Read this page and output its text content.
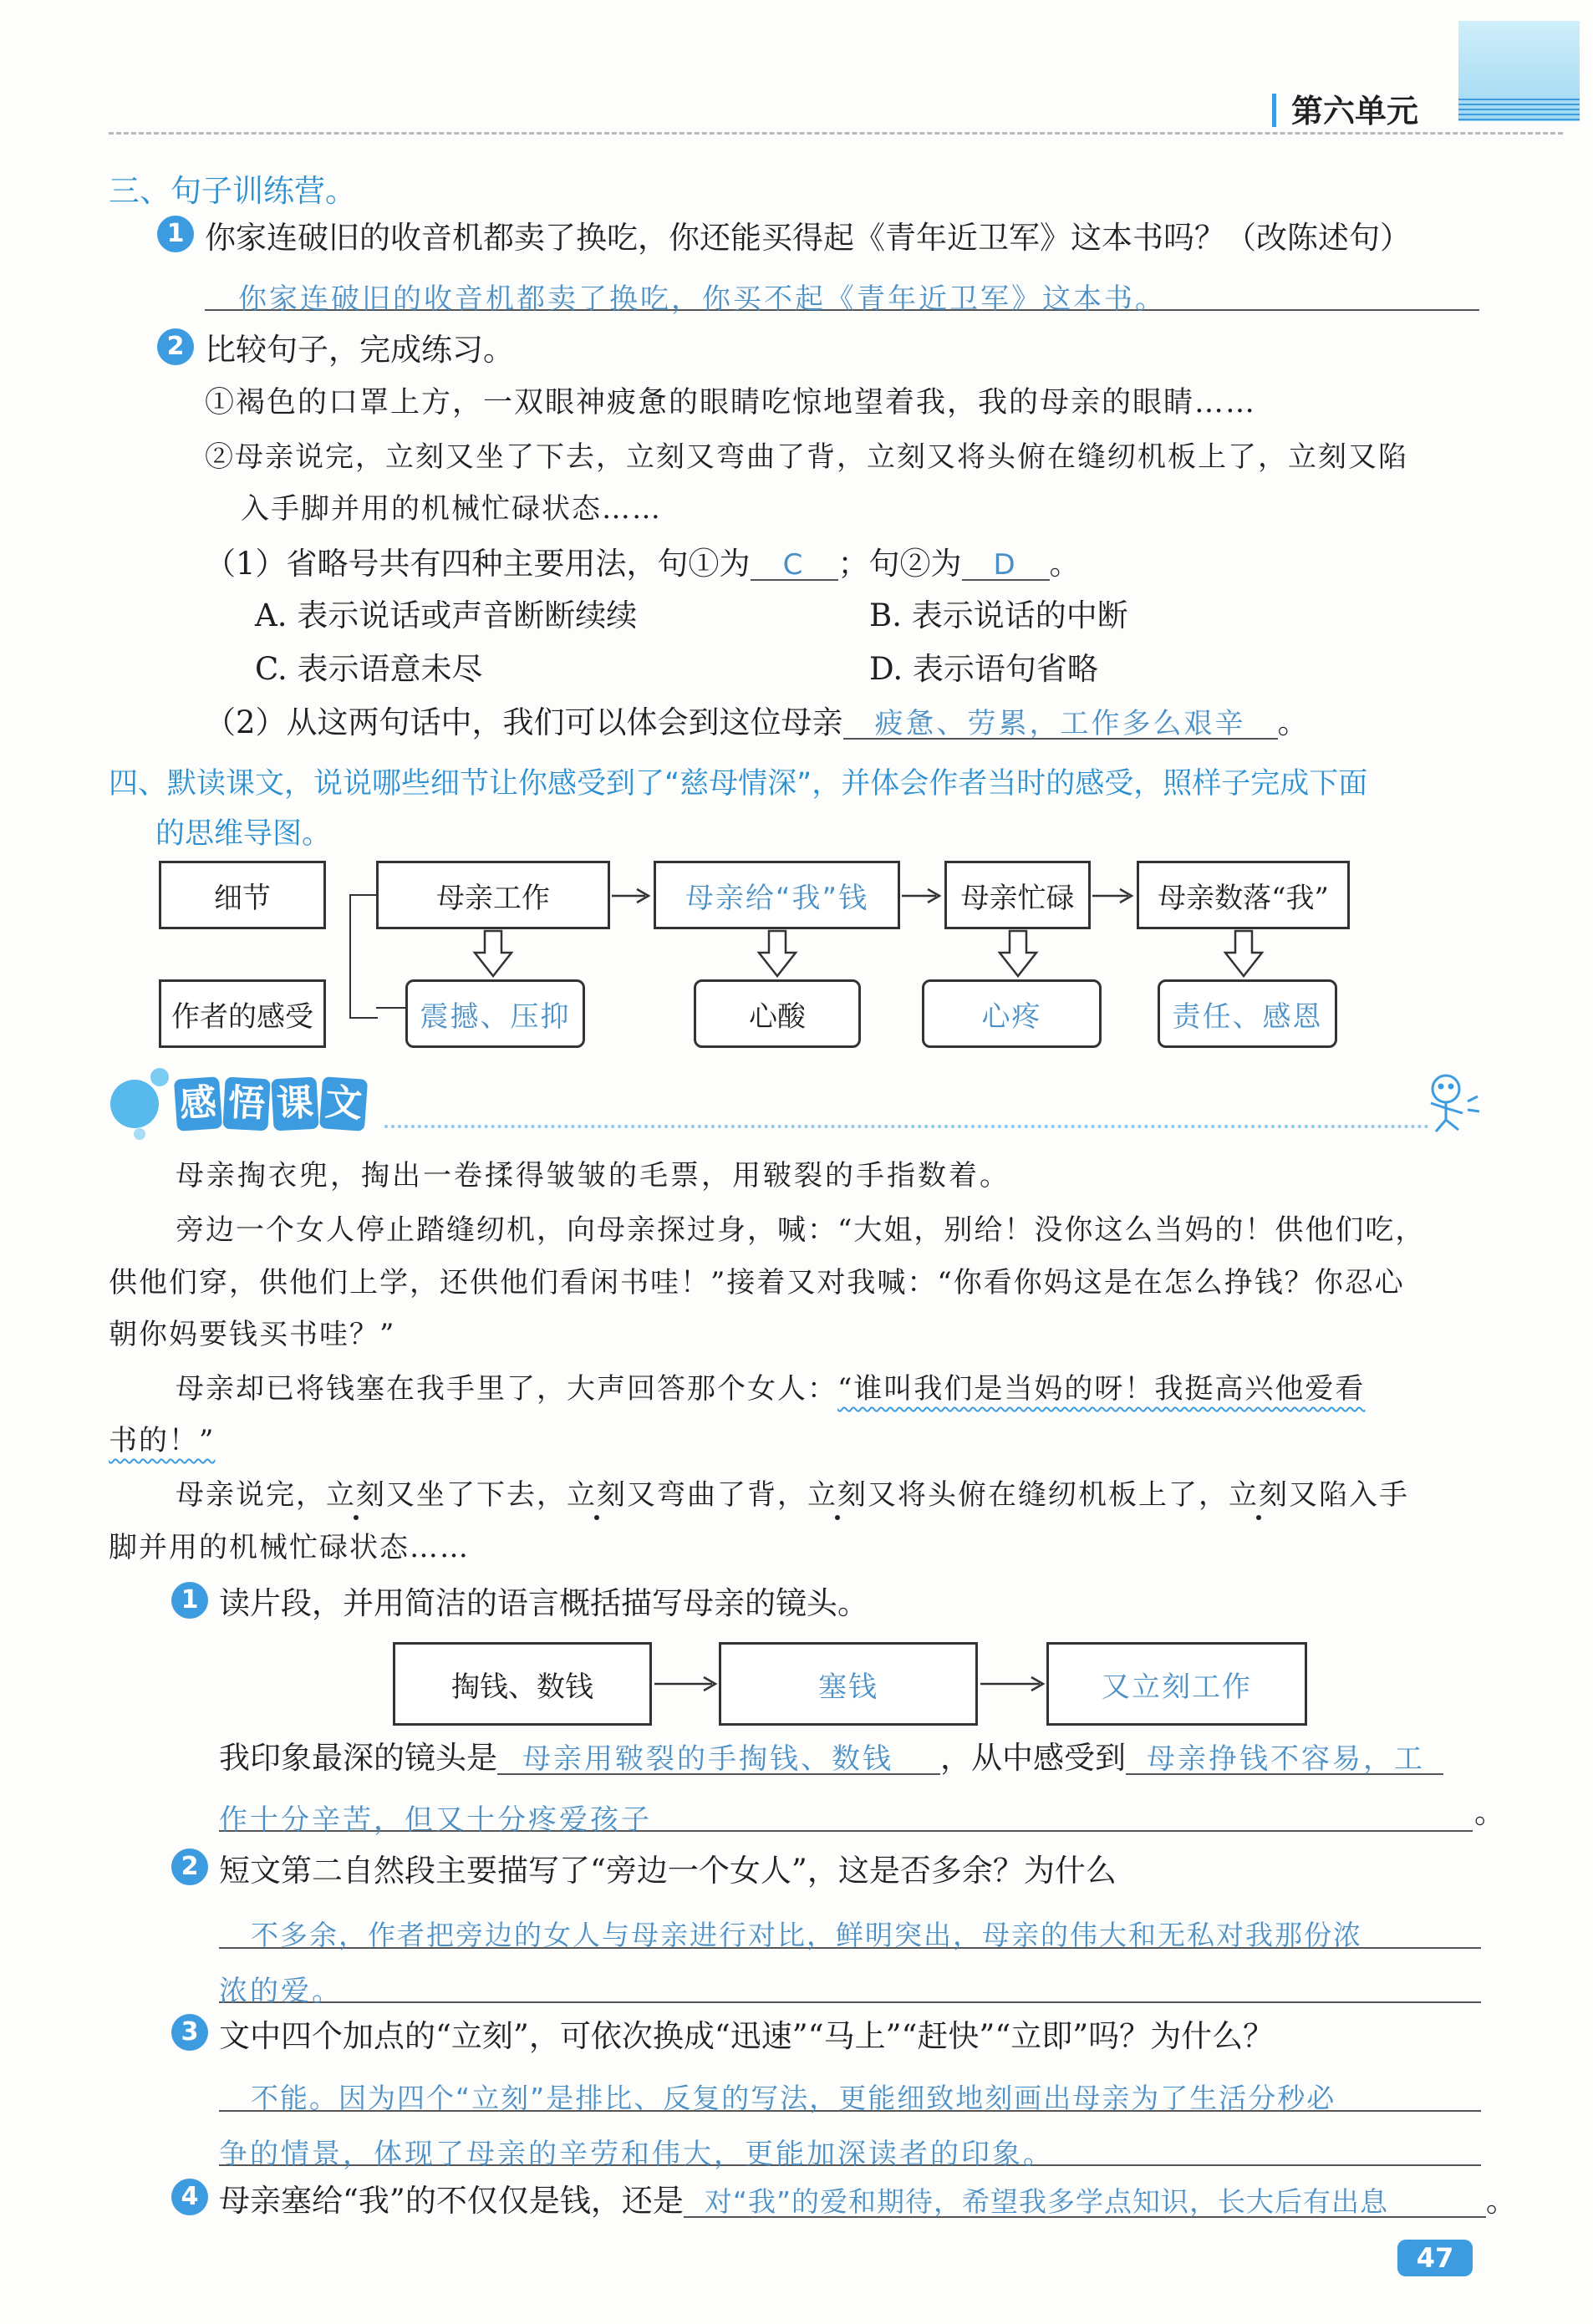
第六单元
三、句子训练营。
1 你家连破旧的收音机都卖了换吃，你还能买得起《青年近卫军》这本书吗？（改陈述句）
你家连破旧的收音机都卖了换吃，你买不起《青年近卫军》这本书。
2 比较句子，完成练习。
①褐色的口罩上方，一双眼神疲惫的眼睛吃惊地望着我，我的母亲的眼睛……
②母亲说完，立刻又坐了下去，立刻又弯曲了背，立刻又将头俯在缝纫机板上了，立刻又陷
入手脚并用的机械忙碌状态……
（1）省略号共有四种主要用法，句①为 C ；句②为 D 。
A. 表示说话或声音断断续续	B. 表示说话的中断
C. 表示语意未尽	D. 表示语句省略
（2）从这两句话中，我们可以体会到这位母亲 疲惫、劳累，工作多么艰辛 。
四、默读课文，说说哪些细节让你感受到了“慈母情深”，并体会作者当时的感受，照样子完成下面
的思维导图。
细节
作者的感受
母亲工作	母亲给“我”钱	母亲忙碌	母亲数落“我”
震撼、压抑	心酸	心疼	责任、感恩
感 悟 课 文
母亲掏衣兜，掏出一卷揉得皱皱的毛票，用皲裂的手指数着。
旁边一个女人停止踏缝纫机，向母亲探过身，喊：“大姐，别给！没你这么当妈的！供他们吃，
供他们穿，供他们上学，还供他们看闲书哇！”接着又对我喊：“你看你妈这是在怎么挣钱？你忍心
朝你妈要钱买书哇？”
母亲却已将钱塞在我手里了，大声回答那个女人：“谁叫我们是当妈的呀！我挺高兴他爱看
书的！”
母亲说完，立刻又坐了下去，立刻又弯曲了背，立刻又将头俯在缝纫机板上了，立刻又陷入手
脚并用的机械忙碌状态……
1 读片段，并用简洁的语言概括描写母亲的镜头。
掏钱、数钱	塞钱	又立刻工作
我印象最深的镜头是 母亲用皲裂的手掏钱、数钱 ，从中感受到 母亲挣钱不容易，工
作十分辛苦，但又十分疼爱孩子	。
2 短文第二自然段主要描写了“旁边一个女人”，这是否多余？为什么
不多余，作者把旁边的女人与母亲进行对比，鲜明突出，母亲的伟大和无私对我那份浓
浓的爱。
3 文中四个加点的“立刻”，可依次换成“迅速”“马上”“赶快”“立即”吗？为什么？
不能。因为四个“立刻”是排比、反复的写法，更能细致地刻画出母亲为了生活分秒必
争的情景，体现了母亲的辛劳和伟大，更能加深读者的印象。
4 母亲塞给“我”的不仅仅是钱，还是 对“我”的爱和期待，希望我多学点知识，长大后有出息	。
47
